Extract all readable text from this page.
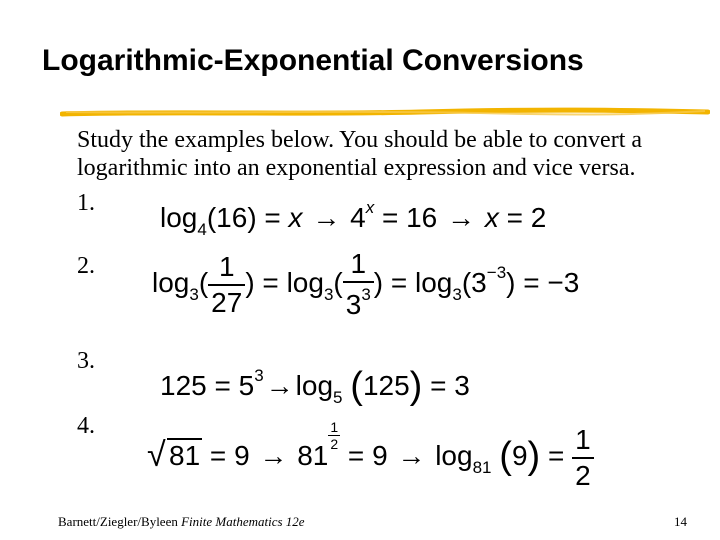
Logarithmic-Exponential Conversions
Study the examples below. You should be able to convert a logarithmic into an exponential expression and vice versa.
1. $\log_4(16) = x \to 4^x = 16 \to x = 2$
2.
$\log_3( \frac{1}{27}$ ) = $\log_3( \frac{1}{3^3}$ ) = $\log_3(3^{-3}) = -3$
3.
$125 = 5^3\to\log_5$ (125) = 3
4.
√ 81 = 9 → 81
$\frac{1}{2}$
= $9 \to \log_{81} (9) = \frac{1}{2}$
Barnett/Ziegler/Byleen Finite Mathematics 12e	14
